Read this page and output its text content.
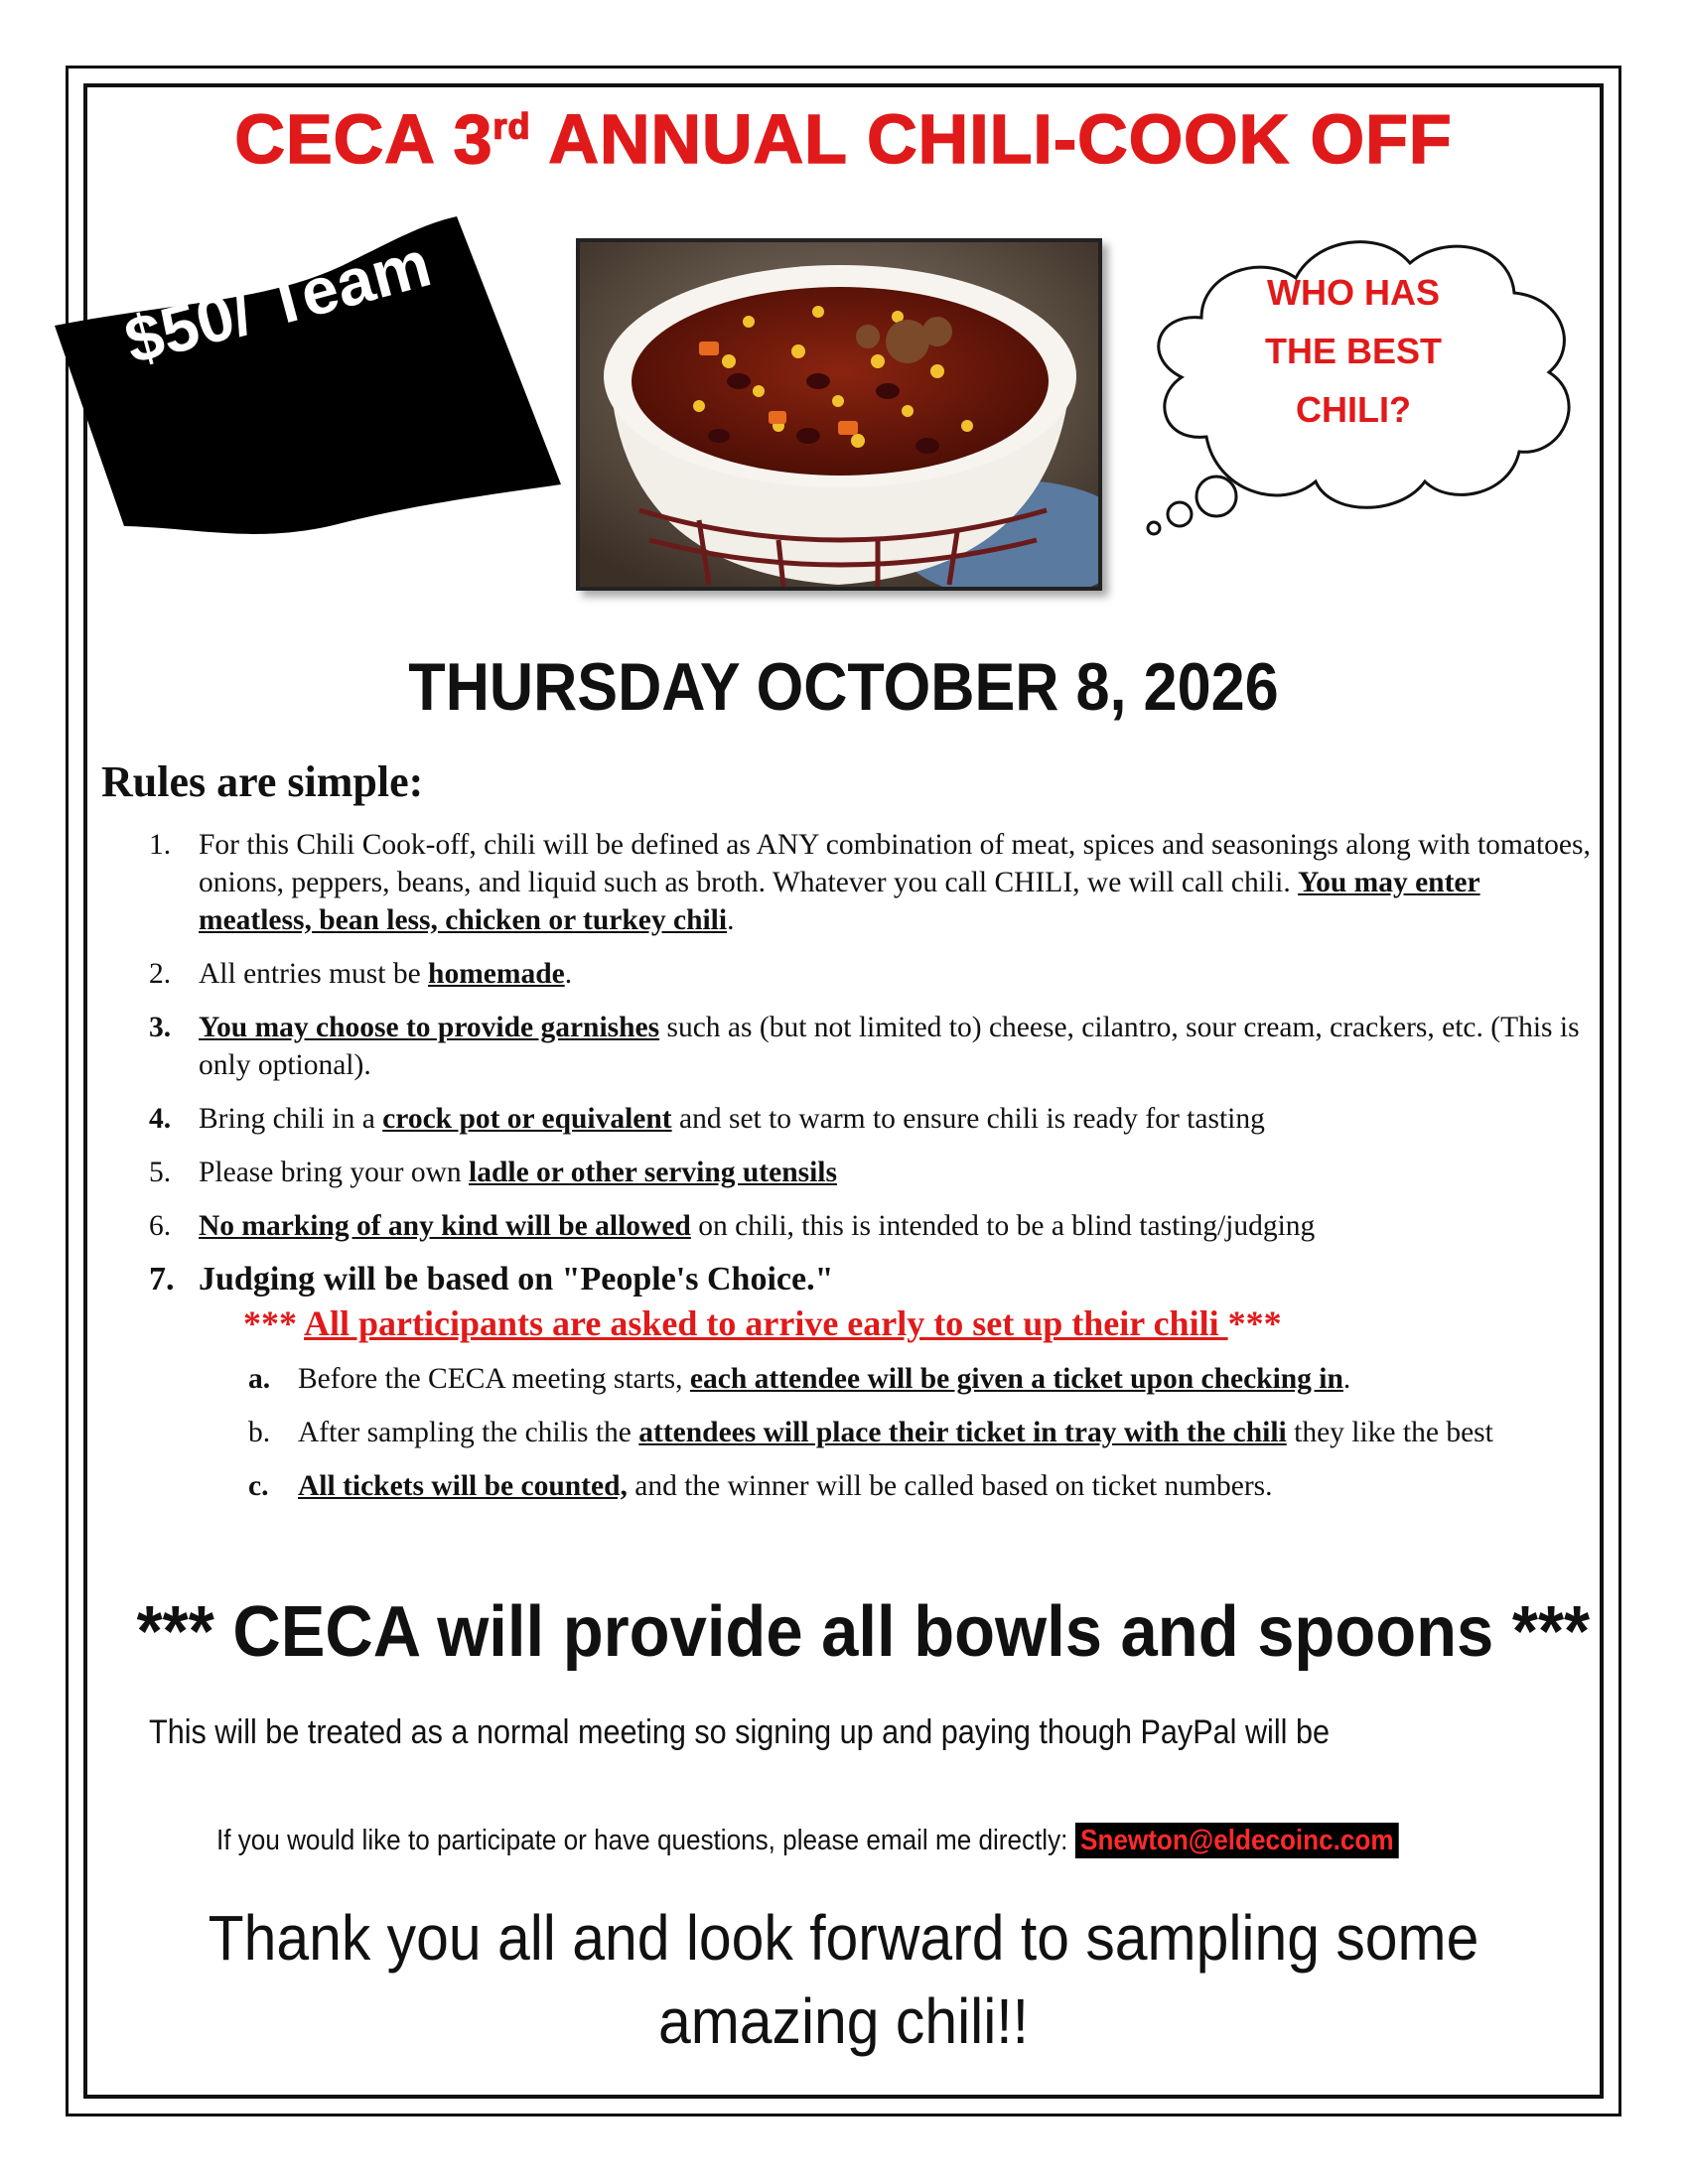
CECA 3rd ANNUAL CHILI-COOK OFF
$50/ Team	WHO HAS
THE BEST
CHILI?
THURSDAY OCTOBER 8, 2026
Rules are simple:
1. For this Chili Cook-off, chili will be defined as ANY combination of meat, spices and seasonings along with tomatoes, onions, peppers, beans, and liquid such as broth. Whatever you call CHILI, we will call chili. You may enter meatless, bean less, chicken or turkey chili.
2. All entries must be homemade.
3. You may choose to provide garnishes such as (but not limited to) cheese, cilantro, sour cream, crackers, etc. (This is only optional).
4. Bring chili in a crock pot or equivalent and set to warm to ensure chili is ready for tasting
5. Please bring your own ladle or other serving utensils
6. No marking of any kind will be allowed on chili, this is intended to be a blind tasting/judging
7. Judging will be based on "People's Choice."
*** All participants are asked to arrive early to set up their chili ***
a. Before the CECA meeting starts, each attendee will be given a ticket upon checking in.
b. After sampling the chilis the attendees will place their ticket in tray with the chili they like the best
c. All tickets will be counted, and the winner will be called based on ticket numbers.
*** CECA will provide all bowls and spoons ***
This will be treated as a normal meeting so signing up and paying though PayPal will be
If you would like to participate or have questions, please email me directly: Snewton@eldecoinc.com
Thank you all and look forward to sampling some
amazing chili!!
